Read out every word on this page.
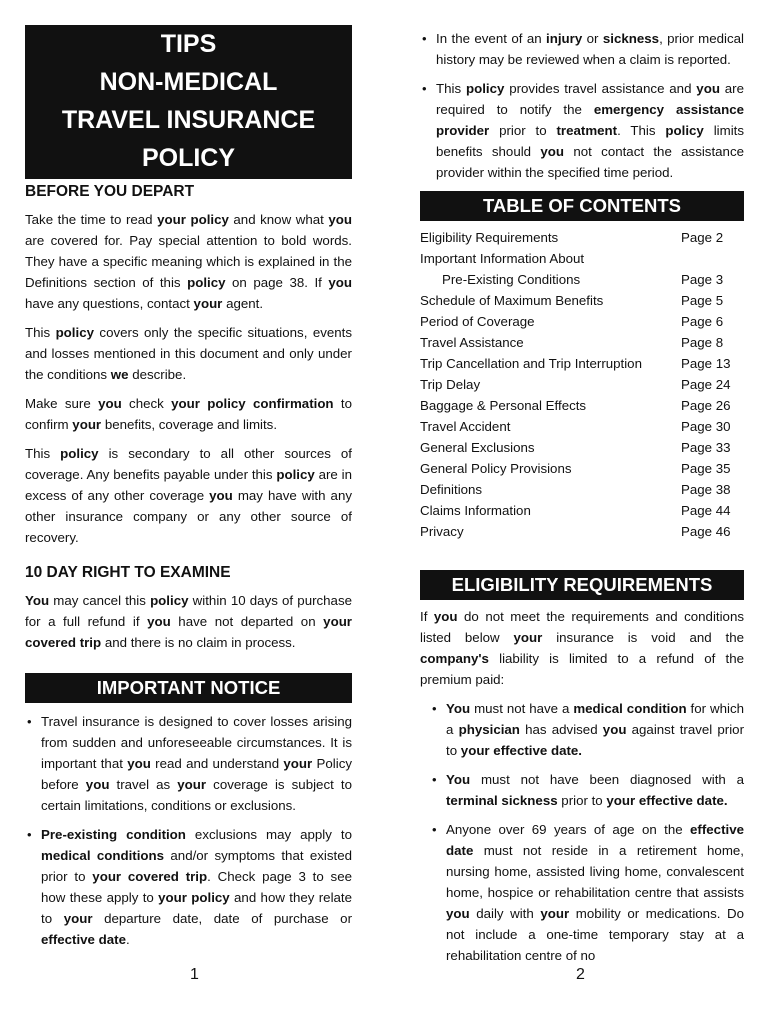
TIPS
NON-MEDICAL
TRAVEL INSURANCE POLICY
BEFORE YOU DEPART

Take the time to read your policy and know what you are covered for. Pay special attention to bold words. They have a specific meaning which is explained in the Definitions section of this policy on page 38. If you have any questions, contact your agent.

This policy covers only the specific situations, events and losses mentioned in this document and only under the conditions we describe.

Make sure you check your policy confirmation to confirm your benefits, coverage and limits.

This policy is secondary to all other sources of coverage. Any benefits payable under this policy are in excess of any other coverage you may have with any other insurance company or any other source of recovery.

10 DAY RIGHT TO EXAMINE

You may cancel this policy within 10 days of purchase for a full refund if you have not departed on your covered trip and there is no claim in process.

IMPORTANT NOTICE
• Travel insurance is designed to cover losses arising from sudden and unforeseeable circumstances. It is important that you read and understand your Policy before you travel as your coverage is subject to certain limitations, conditions or exclusions.
• Pre-existing condition exclusions may apply to medical conditions and/or symptoms that existed prior to your covered trip. Check page 3 to see how these apply to your policy and how they relate to your departure date, date of purchase or effective date.
1
• In the event of an injury or sickness, prior medical history may be reviewed when a claim is reported.
• This policy provides travel assistance and you are required to notify the emergency assistance provider prior to treatment. This policy limits benefits should you not contact the assistance provider within the specified time period.
TABLE OF CONTENTS
Eligibility Requirements	Page 2
Important Information About
Pre-Existing Conditions	Page 3
Schedule of Maximum Benefits	Page 5
Period of Coverage	Page 6
Travel Assistance	Page 8
Trip Cancellation and Trip Interruption	Page 13
Trip Delay	Page 24
Baggage & Personal Effects	Page 26
Travel Accident	Page 30
General Exclusions	Page 33
General Policy Provisions	Page 35
Definitions	Page 38
Claims Information	Page 44
Privacy	Page 46
ELIGIBILITY REQUIREMENTS

If you do not meet the requirements and conditions listed below your insurance is void and the company's liability is limited to a refund of the premium paid:

• You must not have a medical condition for which a physician has advised you against travel prior to your effective date.
• You must not have been diagnosed with a terminal sickness prior to your effective date.
• Anyone over 69 years of age on the effective date must not reside in a retirement home, nursing home, assisted living home, convalescent home, hospice or rehabilitation centre that assists you daily with your mobility or medications. Do not include a one-time temporary stay at a rehabilitation centre of no
2
